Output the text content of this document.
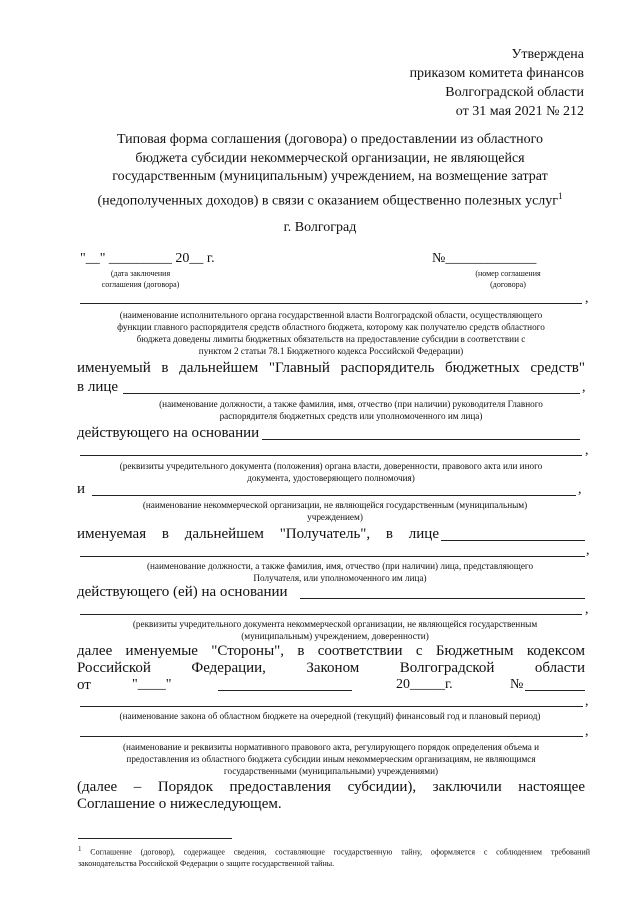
Утверждена
приказом комитета финансов
Волгоградской области
от 31 мая 2021 № 212
Типовая форма соглашения (договора) о предоставлении из областного
бюджета субсидии некоммерческой организации, не являющейся
государственным (муниципальным) учреждением, на возмещение затрат
(недополученных доходов) в связи с оказанием общественно полезных услуг$^1$
г. Волгоград
"__" _________ 20__ г.
(дата заключения
соглашения (договора)
№_____________
(номер соглашения
(договора)
,
(наименование исполнительного органа государственной власти Волгоградской области, осуществляющего
функции главного распорядителя средств областного бюджета, которому как получателю средств областного
бюджета доведены лимиты бюджетных обязательств на предоставление субсидии в соответствии с
пунктом 2 статьи 78.1 Бюджетного кодекса Российской Федерации)
именуемый в дальнейшем "Главный распорядитель бюджетных средств"
в лице	,
(наименование должности, а также фамилия, имя, отчество (при наличии) руководителя Главного
распорядителя бюджетных средств или уполномоченного им лица)
действующего на основании
,
(реквизиты учредительного документа (положения) органа власти, доверенности, правового акта или иного
документа, удостоверяющего полномочия)
и	,
(наименование некоммерческой организации, не являющейся государственным (муниципальным)
учреждением)
именуемая в дальнейшем "Получатель", в лице
,
(наименование должности, а также фамилия, имя, отчество (при наличии) лица, представляющего
Получателя, или уполномоченного им лица)
действующего (ей) на основании
,
(реквизиты учредительного документа некоммерческой организации, не являющейся государственным
(муниципальным) учреждением, доверенности)
далее именуемые "Стороны", в соответствии с Бюджетным кодексом
Российской Федерации, Законом Волгоградской области
от	"____"	20_____г.	№
,
(наименование закона об областном бюджете на очередной (текущий) финансовый год и плановый период)
,
(наименование и реквизиты нормативного правового акта, регулирующего порядок определения объема и
предоставления из областного бюджета субсидии иным некоммерческим организациям, не являющимся
государственными (муниципальными) учреждениями)
(далее – Порядок предоставления субсидии), заключили настоящее
Соглашение о нижеследующем.
$^1$ Соглашение (договор), содержащее сведения, составляющие государственную тайну, оформляется с соблюдением требований
законодательства Российской Федерации о защите государственной тайны.
